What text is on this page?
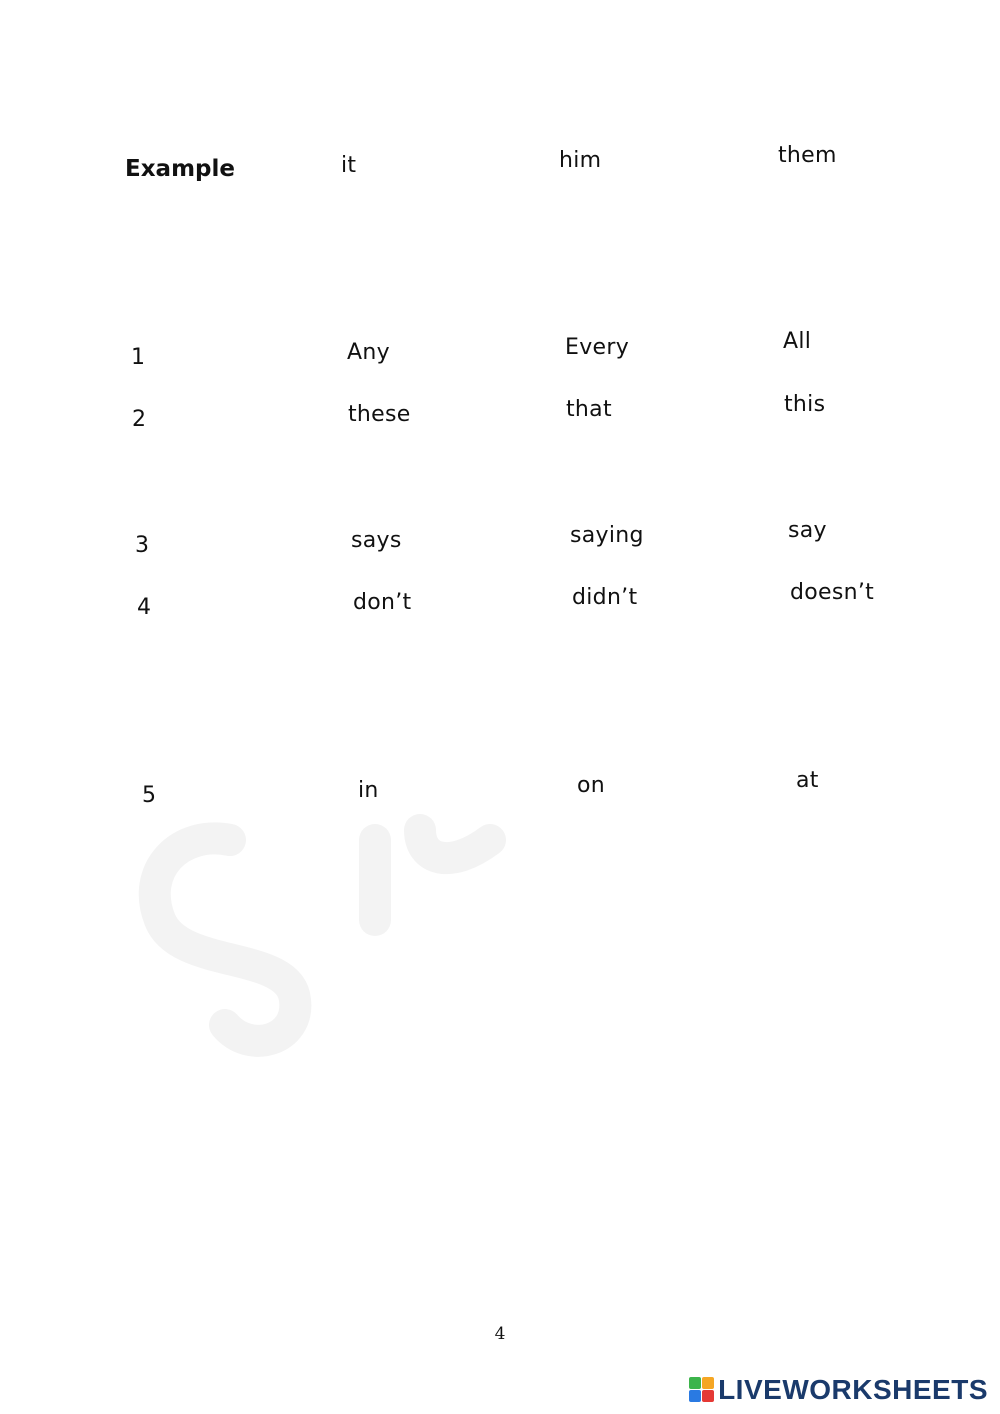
Example	it	him	them
1	Any	Every	All
2	these	that	this
3	says	saying	say
4	don’t	didn’t	doesn’t
5	in	on	at
4
LIVEWORKSHEETS
